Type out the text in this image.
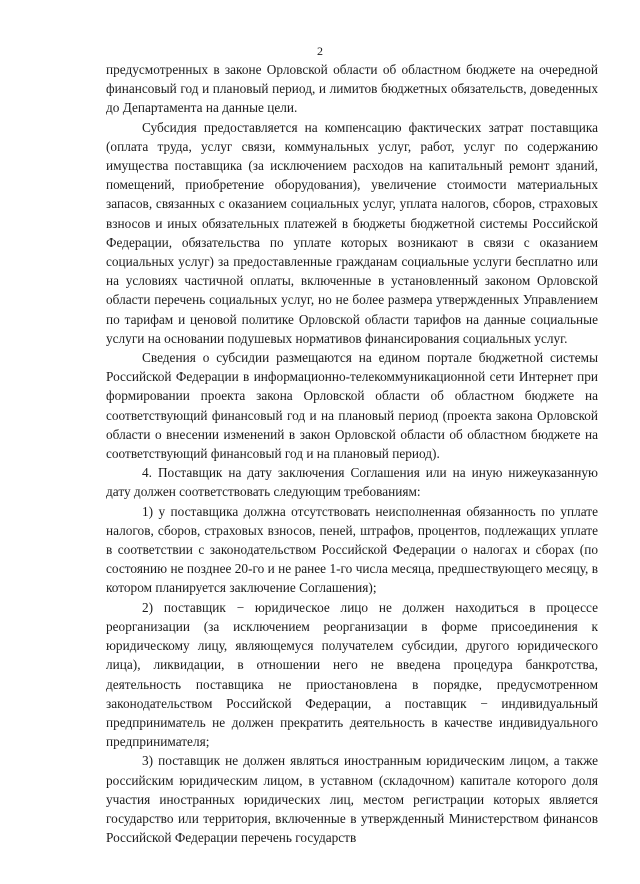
2

предусмотренных в законе Орловской области об областном бюджете на очередной финансовый год и плановый период, и лимитов бюджетных обязательств, доведенных до Департамента на данные цели.

Субсидия предоставляется на компенсацию фактических затрат поставщика (оплата труда, услуг связи, коммунальных услуг, работ, услуг по содержанию имущества поставщика (за исключением расходов на капитальный ремонт зданий, помещений, приобретение оборудования), увеличение стоимости материальных запасов, связанных с оказанием социальных услуг, уплата налогов, сборов, страховых взносов и иных обязательных платежей в бюджеты бюджетной системы Российской Федерации, обязательства по уплате которых возникают в связи с оказанием социальных услуг) за предоставленные гражданам социальные услуги бесплатно или на условиях частичной оплаты, включенные в установленный законом Орловской области перечень социальных услуг, но не более размера утвержденных Управлением по тарифам и ценовой политике Орловской области тарифов на данные социальные услуги на основании подушевых нормативов финансирования социальных услуг.

Сведения о субсидии размещаются на едином портале бюджетной системы Российской Федерации в информационно-телекоммуникационной сети Интернет при формировании проекта закона Орловской области об областном бюджете на соответствующий финансовый год и на плановый период (проекта закона Орловской области о внесении изменений в закон Орловской области об областном бюджете на соответствующий финансовый год и на плановый период).

4. Поставщик на дату заключения Соглашения или на иную нижеуказанную дату должен соответствовать следующим требованиям:

1) у поставщика должна отсутствовать неисполненная обязанность по уплате налогов, сборов, страховых взносов, пеней, штрафов, процентов, подлежащих уплате в соответствии с законодательством Российской Федерации о налогах и сборах (по состоянию не позднее 20-го и не ранее 1-го числа месяца, предшествующего месяцу, в котором планируется заключение Соглашения);

2) поставщик − юридическое лицо не должен находиться в процессе реорганизации (за исключением реорганизации в форме присоединения к юридическому лицу, являющемуся получателем субсидии, другого юридического лица), ликвидации, в отношении него не введена процедура банкротства, деятельность поставщика не приостановлена в порядке, предусмотренном законодательством Российской Федерации, а поставщик − индивидуальный предприниматель не должен прекратить деятельность в качестве индивидуального предпринимателя;

3) поставщик не должен являться иностранным юридическим лицом, а также российским юридическим лицом, в уставном (складочном) капитале которого доля участия иностранных юридических лиц, местом регистрации которых является государство или территория, включенные в утвержденный Министерством финансов Российской Федерации перечень государств
